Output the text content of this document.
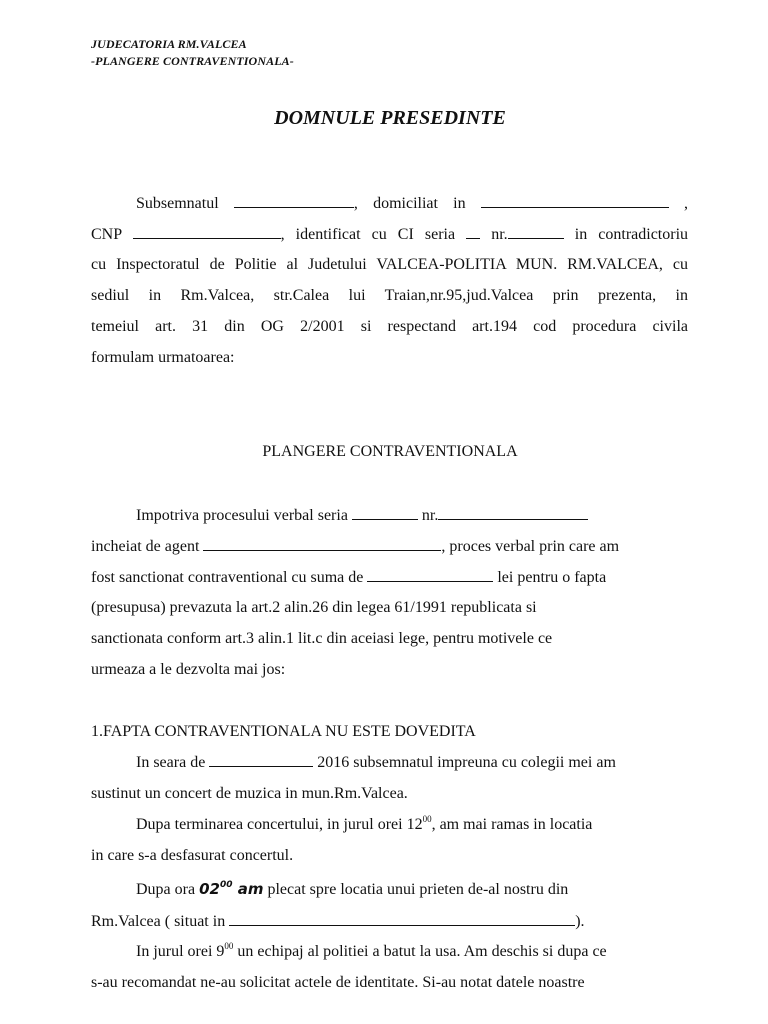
JUDECATORIA RM.VALCEA
-PLANGERE CONTRAVENTIONALA-
DOMNULE PRESEDINTE
Subsemnatul	, domiciliat in	,
CNP	, identificat cu CI seria nr.	in contradictoriu
cu Inspectoratul de Politie al Judetului VALCEA-POLITIA MUN. RM.VALCEA, cu
sediul in Rm.Valcea, str.Calea lui Traian,nr.95,jud.Valcea prin prezenta, in
temeiul art. 31 din OG 2/2001 si respectand art.194 cod procedura civila
formulam urmatoarea:
PLANGERE CONTRAVENTIONALA
Impotriva procesului verbal seria	nr.
incheiat de agent	, proces verbal prin care am
fost sanctionat contraventional cu suma de	lei pentru o fapta
(presupusa) prevazuta la art.2 alin.26 din legea 61/1991 republicata si
sanctionata conform art.3 alin.1 lit.c din aceiasi lege, pentru motivele ce
urmeaza a le dezvolta mai jos:
1.FAPTA CONTRAVENTIONALA NU ESTE DOVEDITA
In seara de	2016 subsemnatul impreuna cu colegii mei am
sustinut un concert de muzica in mun.Rm.Valcea.
Dupa terminarea concertului, in jurul orei $12^{00}$, am mai ramas in locatia
in care s-a desfasurat concertul.
Dupa ora $02^{00}$ am plecat spre locatia unui prieten de-al nostru din
Rm.Valcea ( situat in	).
In jurul orei $9^{00}$ un echipaj al politiei a batut la usa. Am deschis si dupa ce
s-au recomandat ne-au solicitat actele de identitate. Si-au notat datele noastre
